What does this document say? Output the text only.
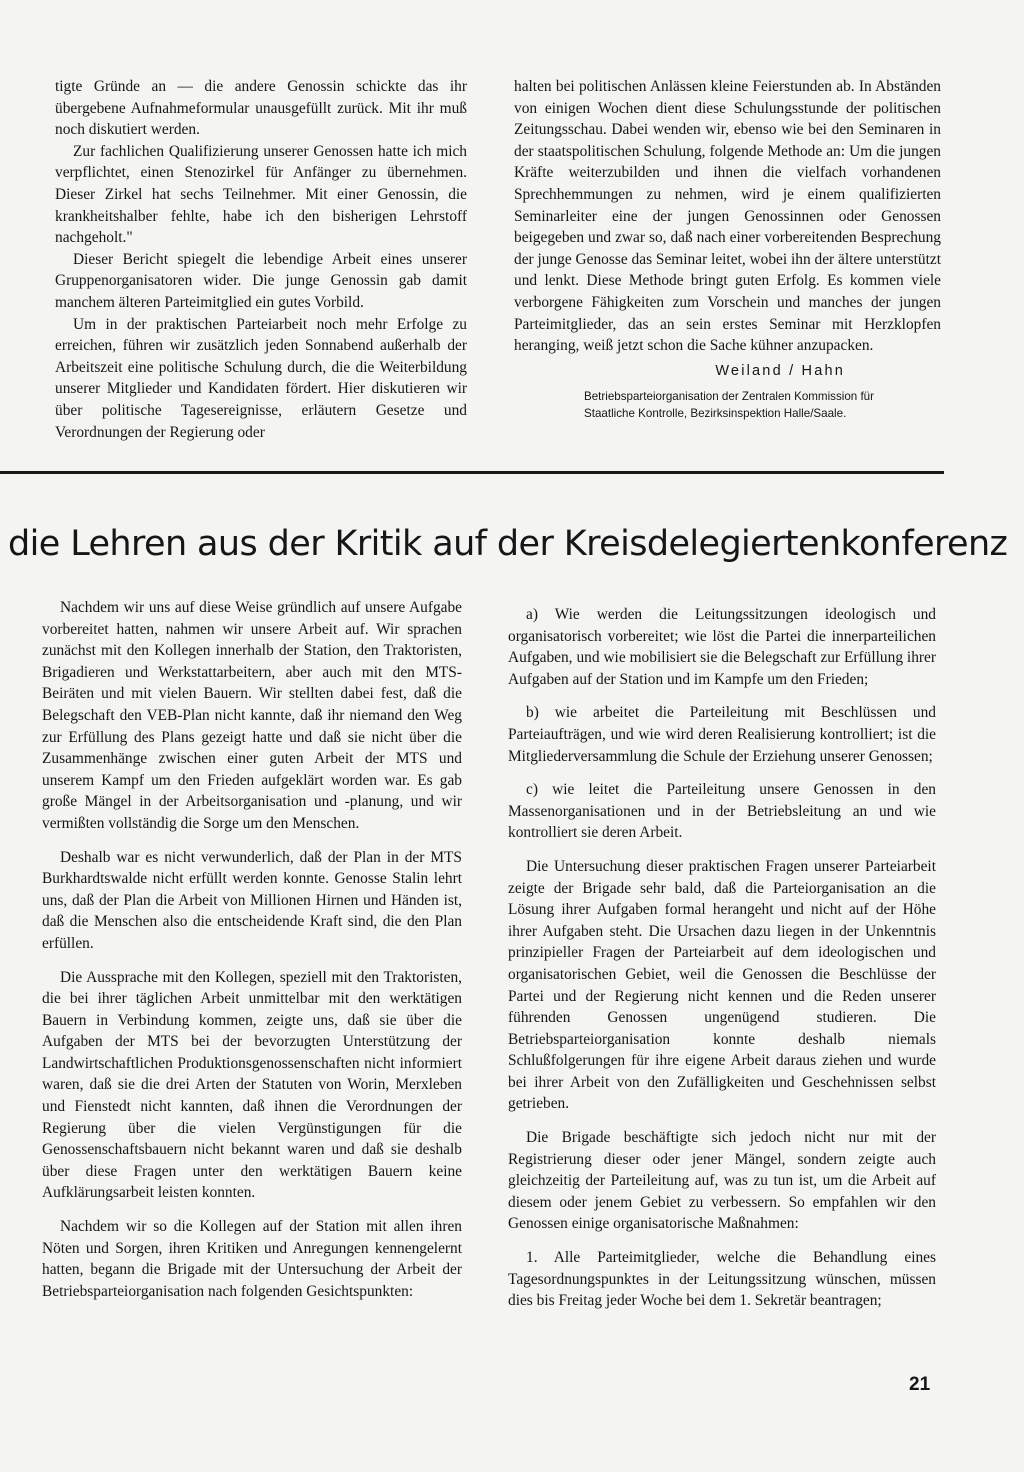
tigte Gründe an — die andere Genossin schickte das ihr übergebene Aufnahmeformular unausgefüllt zurück. Mit ihr muß noch diskutiert werden.

Zur fachlichen Qualifizierung unserer Genossen hatte ich mich verpflichtet, einen Stenozirkel für Anfänger zu übernehmen. Dieser Zirkel hat sechs Teilnehmer. Mit einer Genossin, die krankheitshalber fehlte, habe ich den bisherigen Lehrstoff nachgeholt."

Dieser Bericht spiegelt die lebendige Arbeit eines unserer Gruppenorganisatoren wider. Die junge Genossin gab damit manchem älteren Parteimitglied ein gutes Vorbild.

Um in der praktischen Parteiarbeit noch mehr Erfolge zu erreichen, führen wir zusätzlich jeden Sonnabend außerhalb der Arbeitszeit eine politische Schulung durch, die die Weiterbildung unserer Mitglieder und Kandidaten fördert. Hier diskutieren wir über politische Tagesereignisse, erläutern Gesetze und Verordnungen der Regierung oder

halten bei politischen Anlässen kleine Feierstunden ab. In Abständen von einigen Wochen dient diese Schulungsstunde der politischen Zeitungsschau. Dabei wenden wir, ebenso wie bei den Seminaren in der staatspolitischen Schulung, folgende Methode an: Um die jungen Kräfte weiterzubilden und ihnen die vielfach vorhandenen Sprechhemmungen zu nehmen, wird je einem qualifizierten Seminarleiter eine der jungen Genossinnen oder Genossen beigegeben und zwar so, daß nach einer vorbereitenden Besprechung der junge Genosse das Seminar leitet, wobei ihn der ältere unterstützt und lenkt. Diese Methode bringt guten Erfolg. Es kommen viele verborgene Fähigkeiten zum Vorschein und manches der jungen Parteimitglieder, das an sein erstes Seminar mit Herzklopfen heranging, weiß jetzt schon die Sache kühner anzupacken.

Weiland / Hahn
Betriebsparteiorganisation der Zentralen Kommission für
Staatliche Kontrolle, Bezirksinspektion Halle/Saale.
die Lehren aus der Kritik auf der Kreisdelegiertenkonferenz

Nachdem wir uns auf diese Weise gründlich auf unsere Aufgabe vorbereitet hatten, nahmen wir unsere Arbeit auf. Wir sprachen zunächst mit den Kollegen innerhalb der Station, den Traktoristen, Brigadieren und Werkstattarbeitern, aber auch mit den MTS-Beiräten und mit vielen Bauern. Wir stellten dabei fest, daß die Belegschaft den VEB-Plan nicht kannte, daß ihr niemand den Weg zur Erfüllung des Plans gezeigt hatte und daß sie nicht über die Zusammenhänge zwischen einer guten Arbeit der MTS und unserem Kampf um den Frieden aufgeklärt worden war. Es gab große Mängel in der Arbeitsorganisation und -planung, und wir vermißten vollständig die Sorge um den Menschen.

Deshalb war es nicht verwunderlich, daß der Plan in der MTS Burkhardtswalde nicht erfüllt werden konnte. Genosse Stalin lehrt uns, daß der Plan die Arbeit von Millionen Hirnen und Händen ist, daß die Menschen also die entscheidende Kraft sind, die den Plan erfüllen.

Die Aussprache mit den Kollegen, speziell mit den Traktoristen, die bei ihrer täglichen Arbeit unmittelbar mit den werktätigen Bauern in Verbindung kommen, zeigte uns, daß sie über die Aufgaben der MTS bei der bevorzugten Unterstützung der Landwirtschaftlichen Produktionsgenossenschaften nicht informiert waren, daß sie die drei Arten der Statuten von Worin, Merxleben und Fienstedt nicht kannten, daß ihnen die Verordnungen der Regierung über die vielen Vergünstigungen für die Genossenschaftsbauern nicht bekannt waren und daß sie deshalb über diese Fragen unter den werktätigen Bauern keine Aufklärungsarbeit leisten konnten.

Nachdem wir so die Kollegen auf der Station mit allen ihren Nöten und Sorgen, ihren Kritiken und Anregungen kennengelernt hatten, begann die Brigade mit der Untersuchung der Arbeit der Betriebsparteiorganisation nach folgenden Gesichtspunkten:

a) Wie werden die Leitungssitzungen ideologisch und organisatorisch vorbereitet; wie löst die Partei die innerparteilichen Aufgaben, und wie mobilisiert sie die Belegschaft zur Erfüllung ihrer Aufgaben auf der Station und im Kampfe um den Frieden;

b) wie arbeitet die Parteileitung mit Beschlüssen und Parteiaufträgen, und wie wird deren Realisierung kontrolliert; ist die Mitgliederversammlung die Schule der Erziehung unserer Genossen;

c) wie leitet die Parteileitung unsere Genossen in den Massenorganisationen und in der Betriebsleitung an und wie kontrolliert sie deren Arbeit.

Die Untersuchung dieser praktischen Fragen unserer Parteiarbeit zeigte der Brigade sehr bald, daß die Parteiorganisation an die Lösung ihrer Aufgaben formal herangeht und nicht auf der Höhe ihrer Aufgaben steht. Die Ursachen dazu liegen in der Unkenntnis prinzipieller Fragen der Parteiarbeit auf dem ideologischen und organisatorischen Gebiet, weil die Genossen die Beschlüsse der Partei und der Regierung nicht kennen und die Reden unserer führenden Genossen ungenügend studieren. Die Betriebsparteiorganisation konnte deshalb niemals Schlußfolgerungen für ihre eigene Arbeit daraus ziehen und wurde bei ihrer Arbeit von den Zufälligkeiten und Geschehnissen selbst getrieben.

Die Brigade beschäftigte sich jedoch nicht nur mit der Registrierung dieser oder jener Mängel, sondern zeigte auch gleichzeitig der Parteileitung auf, was zu tun ist, um die Arbeit auf diesem oder jenem Gebiet zu verbessern. So empfahlen wir den Genossen einige organisatorische Maßnahmen:

1. Alle Parteimitglieder, welche die Behandlung eines Tagesordnungspunktes in der Leitungssitzung wünschen, müssen dies bis Freitag jeder Woche bei dem 1. Sekretär beantragen;

21
